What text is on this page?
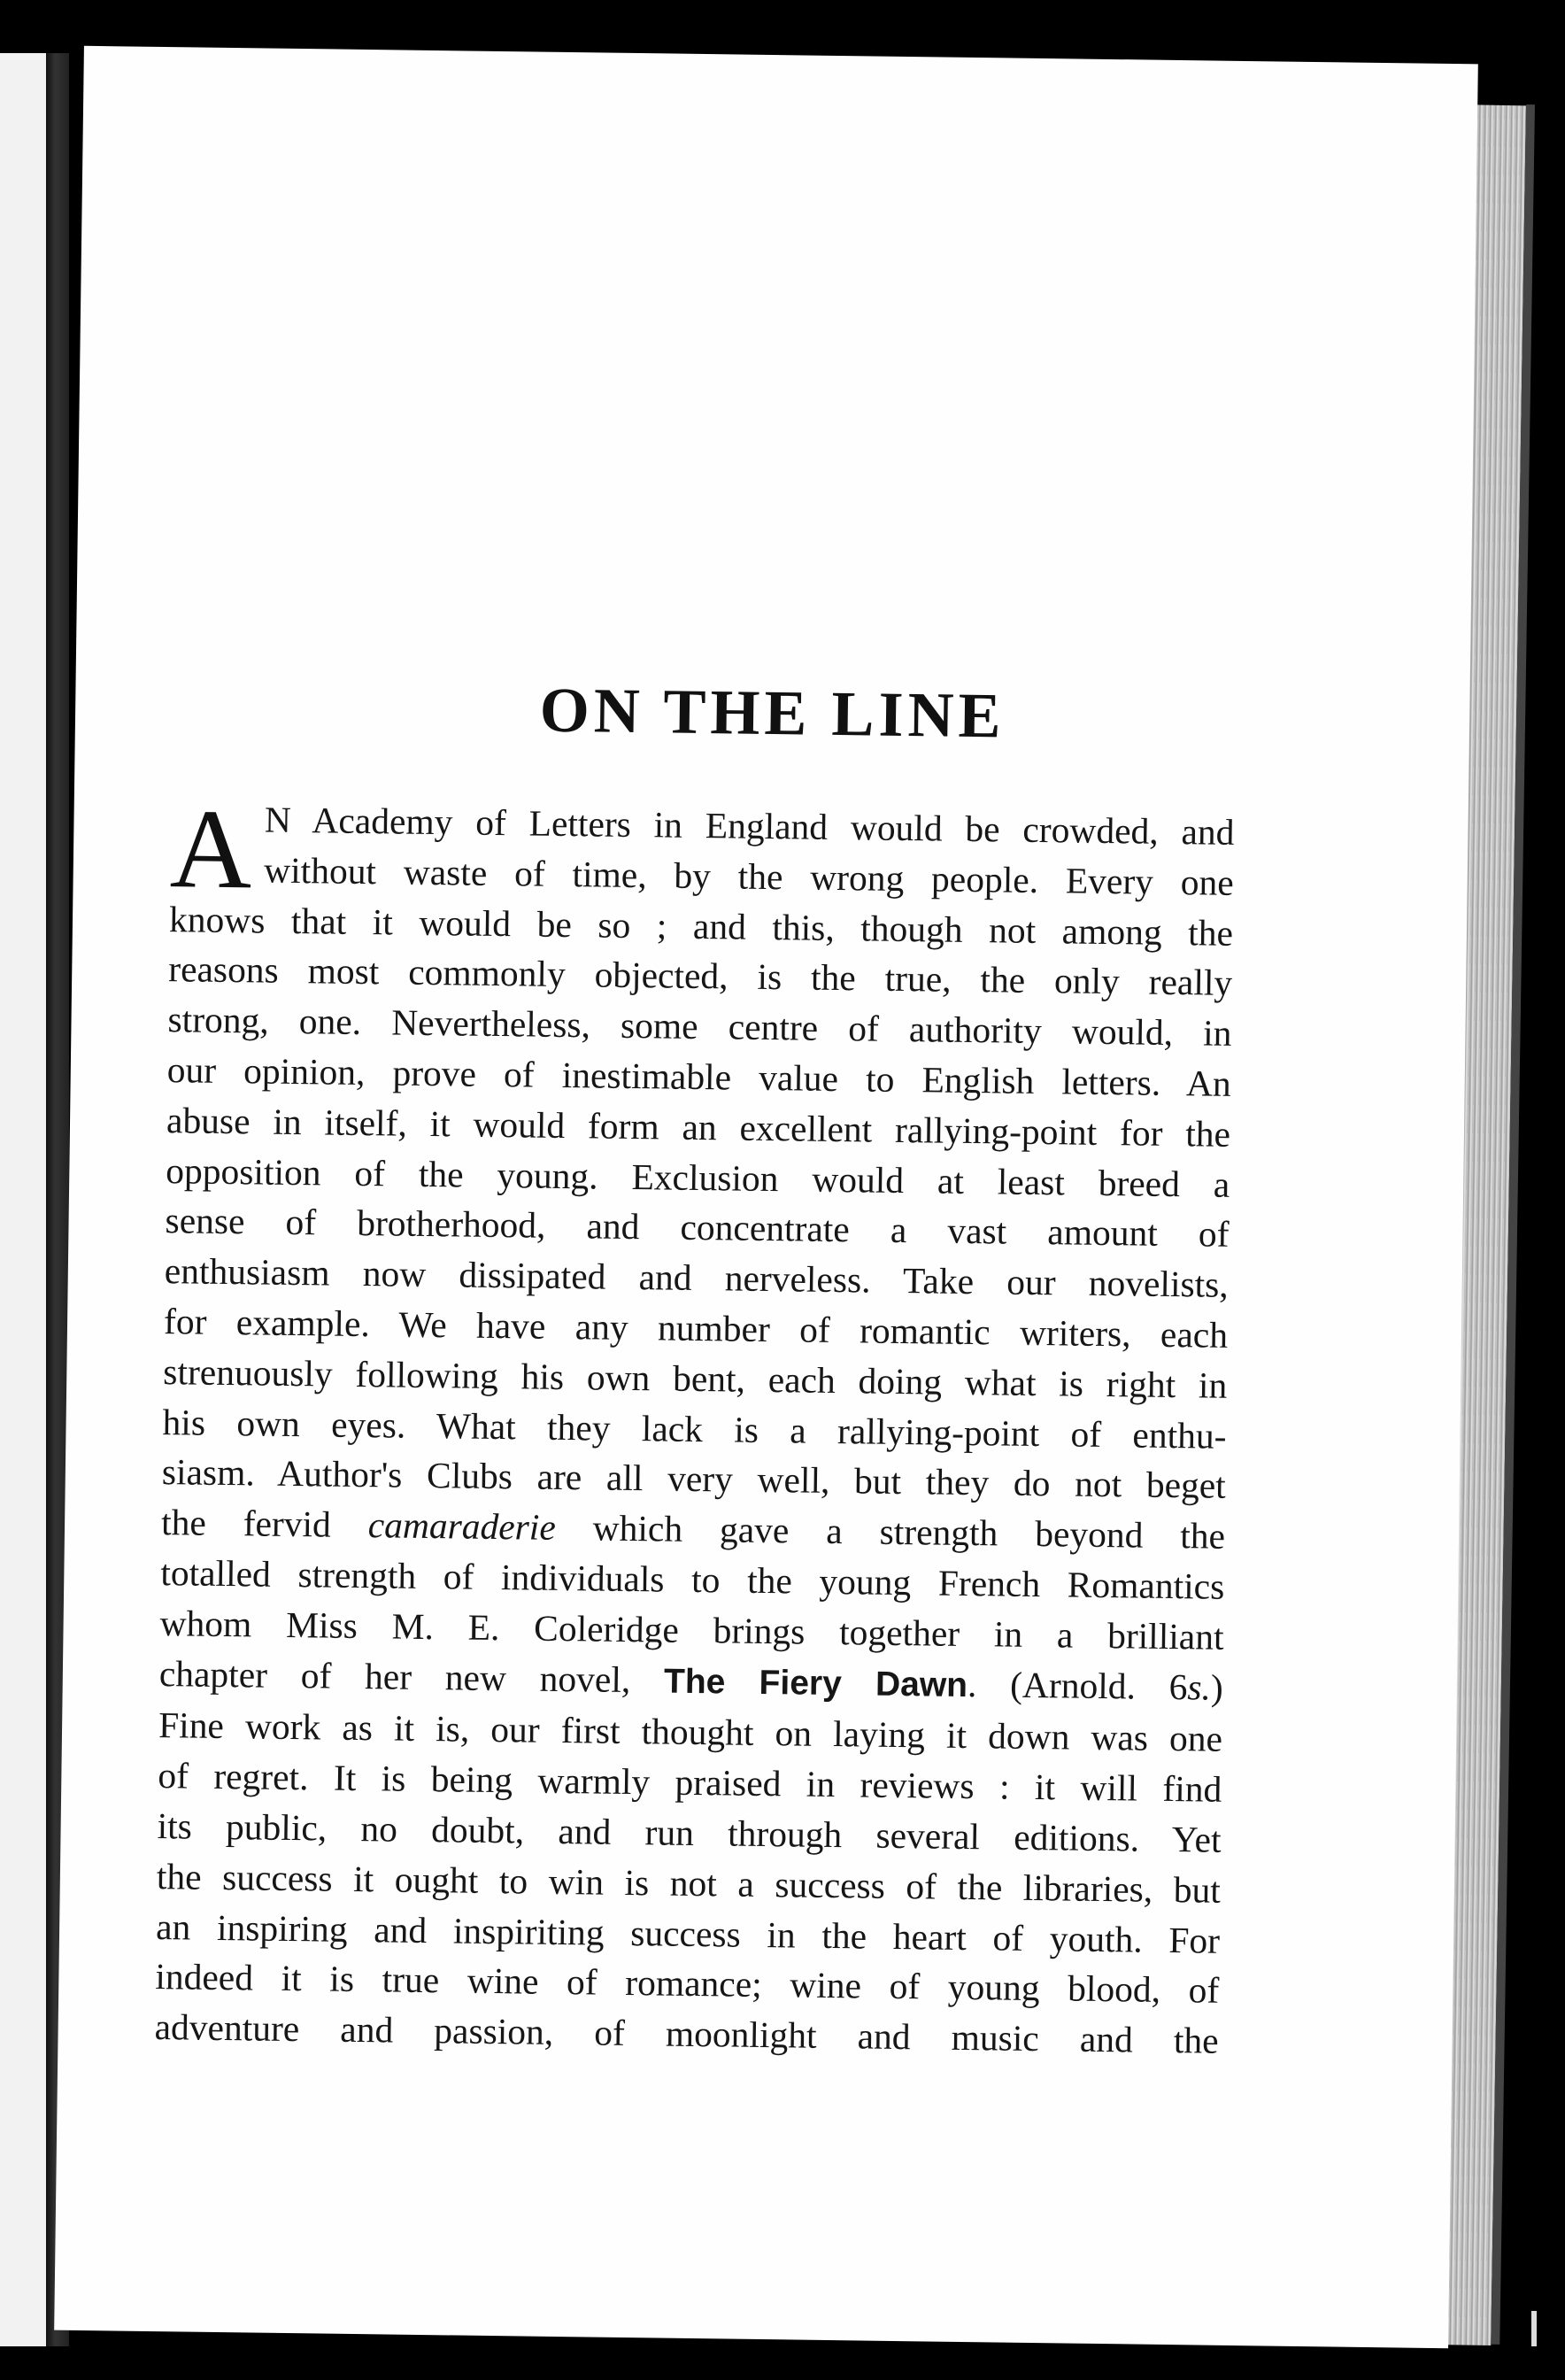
ON THE LINE
A N Academy of Letters in England would be crowded, and
without waste of time, by the wrong people. Every one
knows that it would be so ; and this, though not among the
reasons most commonly objected, is the true, the only really
strong, one. Nevertheless, some centre of authority would, in
our opinion, prove of inestimable value to English letters. An
abuse in itself, it would form an excellent rallying-point for the
opposition of the young. Exclusion would at least breed a
sense of brotherhood, and concentrate a vast amount of
enthusiasm now dissipated and nerveless. Take our novelists,
for example. We have any number of romantic writers, each
strenuously following his own bent, each doing what is right in
his own eyes. What they lack is a rallying-point of enthu-
siasm. Author's Clubs are all very well, but they do not beget
the fervid camaraderie which gave a strength beyond the
totalled strength of individuals to the young French Romantics
whom Miss M. E. Coleridge brings together in a brilliant
chapter of her new novel, The Fiery Dawn. (Arnold. 6s.)
Fine work as it is, our first thought on laying it down was one
of regret. It is being warmly praised in reviews : it will find
its public, no doubt, and run through several editions. Yet
the success it ought to win is not a success of the libraries, but
an inspiring and inspiriting success in the heart of youth. For
indeed it is true wine of romance; wine of young blood, of
adventure and passion, of moonlight and music and the
